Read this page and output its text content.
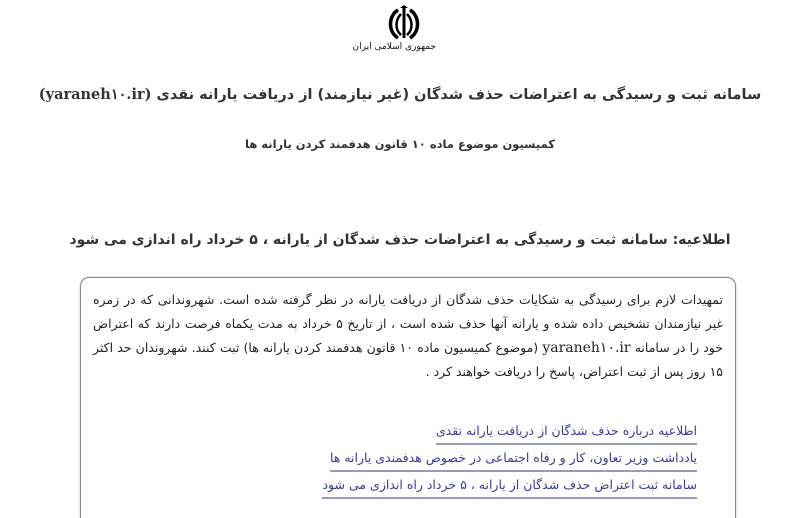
جمهوری اسلامی ایران
سامانه ثبت و رسیدگی به اعتراضات حذف شدگان (غیر نیازمند) از دریافت یارانه نقدی (yaraneh۱۰.ir)
کمیسیون موضوع ماده ۱۰ قانون هدفمند کردن یارانه ها
اطلاعیه: سامانه ثبت و رسیدگی به اعتراضات حذف شدگان از یارانه ، ۵ خرداد راه اندازی می شود

تمهیدات لازم برای رسیدگی به شکایات حذف شدگان از دریافت یارانه در نظر گرفته شده است. شهروندانی که در زمره غیر نیازمندان تشخیص داده شده و یارانه آنها حذف شده است ، از تاریخ ۵ خرداد به مدت یکماه فرصت دارند که اعتراض خود را در سامانه yaraneh۱۰.ir (موضوع کمیسیون ماده ۱۰ قانون هدفمند کردن یارانه ها) ثبت کنند. شهروندان حد اکثر ۱۵ روز پس از ثبت اعتراض، پاسخ را دریافت خواهند کرد .

اطلاعیه درباره حذف شدگان از دریافت یارانه نقدی
یادداشت وزیر تعاون، کار و رفاه اجتماعی در خصوص هدفمندی یارانه ها
سامانه ثبت اعتراض حذف شدگان از یارانه ، ۵ خرداد راه اندازی می شود
